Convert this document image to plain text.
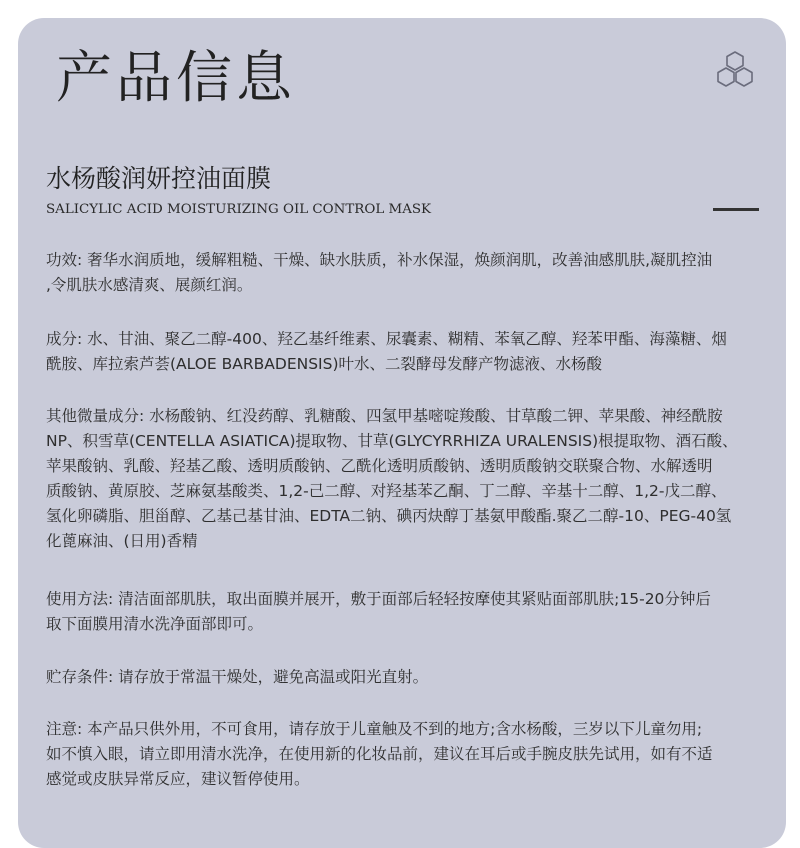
产品信息
水杨酸润妍控油面膜
SALICYLIC ACID MOISTURIZING OIL CONTROL MASK
功效: 奢华水润质地，缓解粗糙、干燥、缺水肤质，补水保湿，焕颜润肌，改善油感肌肤,凝肌控油
,令肌肤水感清爽、展颜红润。
成分: 水、甘油、聚乙二醇-400、羟乙基纤维素、尿囊素、糊精、苯氧乙醇、羟苯甲酯、海藻糖、烟
酰胺、库拉索芦荟(ALOE BARBADENSIS)叶水、二裂酵母发酵产物滤液、水杨酸
其他微量成分: 水杨酸钠、红没药醇、乳糖酸、四氢甲基嘧啶羧酸、甘草酸二钾、苹果酸、神经酰胺
NP、积雪草(CENTELLA ASIATICA)提取物、甘草(GLYCYRRHIZA URALENSIS)根提取物、酒石酸、
苹果酸钠、乳酸、羟基乙酸、透明质酸钠、乙酰化透明质酸钠、透明质酸钠交联聚合物、水解透明
质酸钠、黄原胶、芝麻氨基酸类、1,2-己二醇、对羟基苯乙酮、丁二醇、辛基十二醇、1,2-戊二醇、
氢化卵磷脂、胆甾醇、乙基己基甘油、EDTA二钠、碘丙炔醇丁基氨甲酸酯.聚乙二醇-10、PEG-40氢
化蓖麻油、(日用)香精
使用方法: 清洁面部肌肤，取出面膜并展开，敷于面部后轻轻按摩使其紧贴面部肌肤;15-20分钟后
取下面膜用清水洗净面部即可。
贮存条件: 请存放于常温干燥处，避免高温或阳光直射。
注意: 本产品只供外用，不可食用，请存放于儿童触及不到的地方;含水杨酸，三岁以下儿童勿用;
如不慎入眼，请立即用清水洗净，在使用新的化妆品前，建议在耳后或手腕皮肤先试用，如有不适
感觉或皮肤异常反应，建议暂停使用。
